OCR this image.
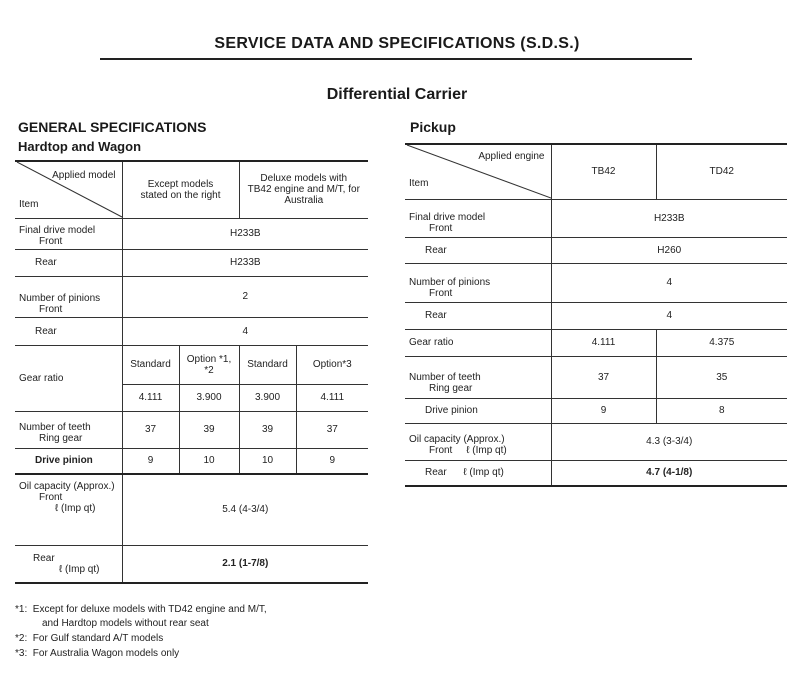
SERVICE DATA AND SPECIFICATIONS (S.D.S.)
Differential Carrier
GENERAL SPECIFICATIONS
Hardtop and Wagon
Applied model
Item	Except models stated on the right		Deluxe models with TB42 engine and M/T, for Australia	

Final drive model
Front	H233B			
Rear	H233B			

Number of pinions
Front	2			
Rear	4			
Gear ratio	Standard	Option *1, *2	Standard	Option*3
	4.111	3.900	3.900	4.111

Number of teeth
Ring gear	37	39	39	37
Drive pinion	9	10	10	9

Oil capacity (Approx.)
Front
ℓ (Imp qt)	5.4 (4-3/4)			

Rear
ℓ (Imp qt)	2.1 (1-7/8)			
*1: Except for deluxe models with TD42 engine and M/T,
and Hardtop models without rear seat
*2: For Gulf standard A/T models
*3: For Australia Wagon models only
Pickup
Applied engine
Item	TB42	TD42

Final drive model
Front	H233B	
Rear	H260	

Number of pinions
Front	4	
Rear	4	
Gear ratio	4.111	4.375

Number of teeth
Ring gear	37	35
Drive pinion	9	8

Oil capacity (Approx.)
Front ℓ (Imp qt)	4.3 (3-3/4)	
Rear ℓ (Imp qt)	4.7 (4-1/8)	
